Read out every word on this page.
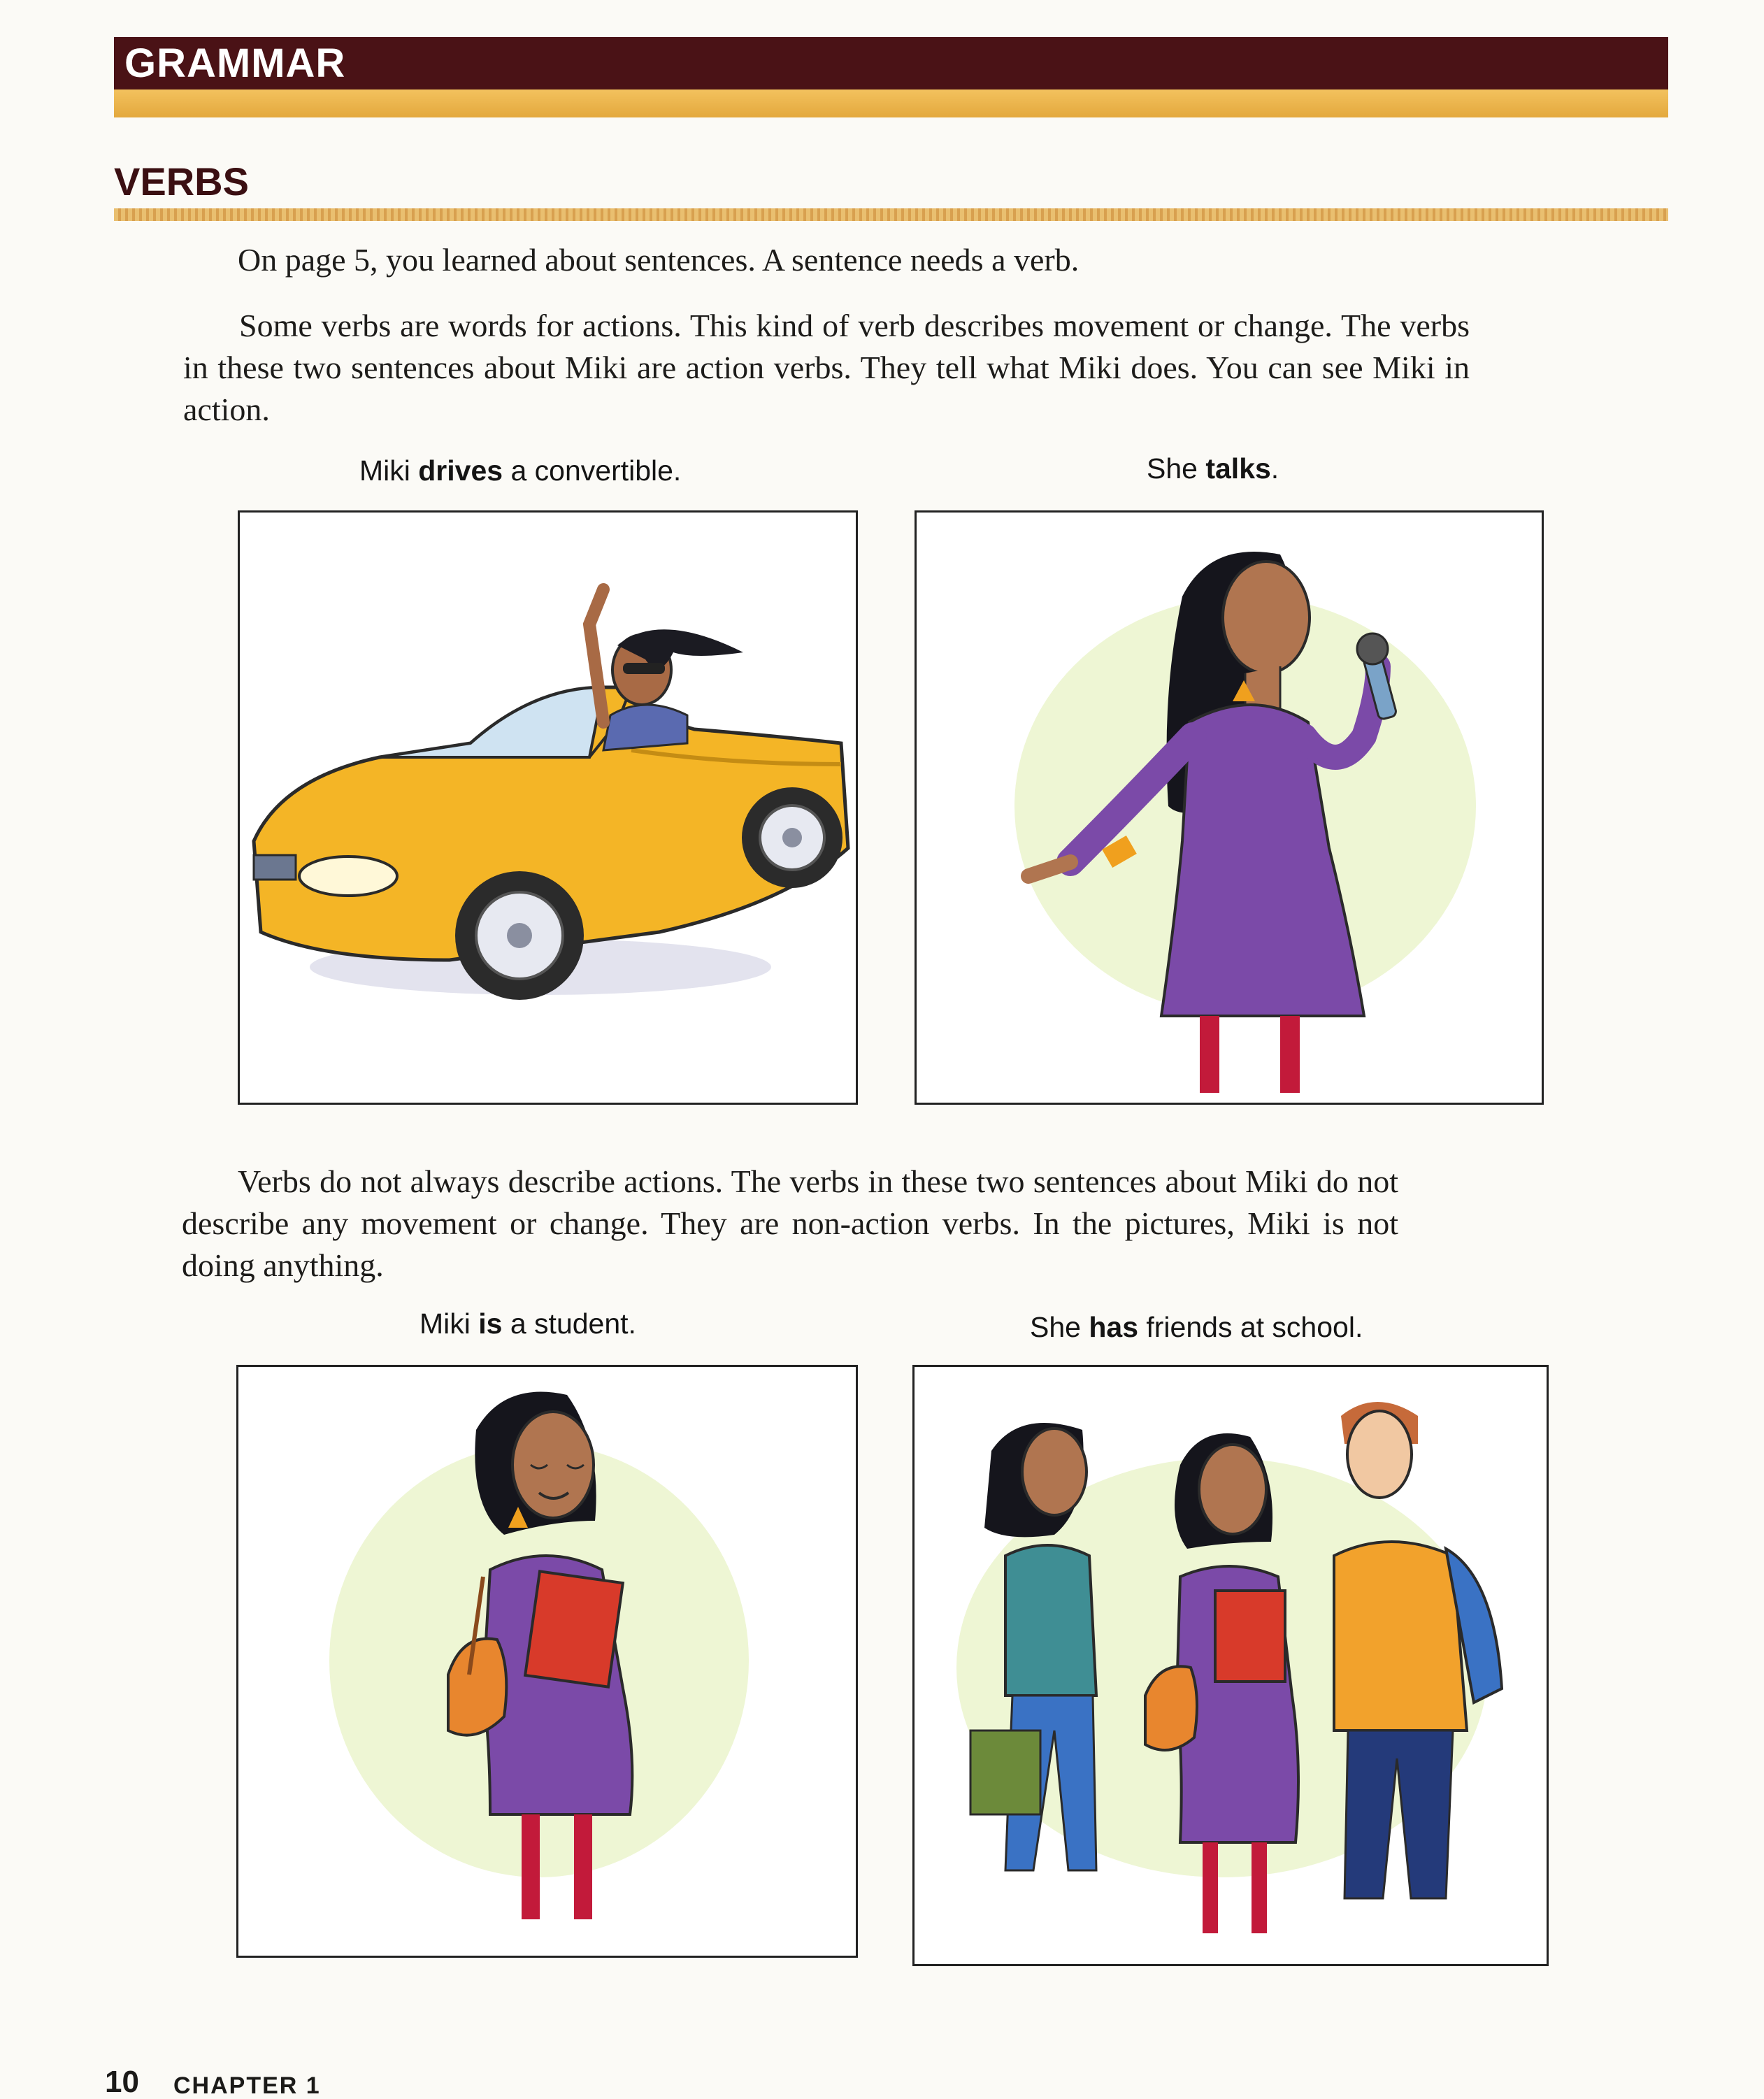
GRAMMAR
VERBS

On page 5, you learned about sentences. A sentence needs a verb.

Some verbs are words for actions. This kind of verb describes movement or change. The verbs in these two sentences about Miki are action verbs. They tell what Miki does. You can see Miki in action.

Miki drives a convertible.	She talks.

Verbs do not always describe actions. The verbs in these two sentences about Miki do not describe any movement or change. They are non-action verbs. In the pictures, Miki is not doing anything.

Miki is a student.	She has friends at school.
10 CHAPTER 1
